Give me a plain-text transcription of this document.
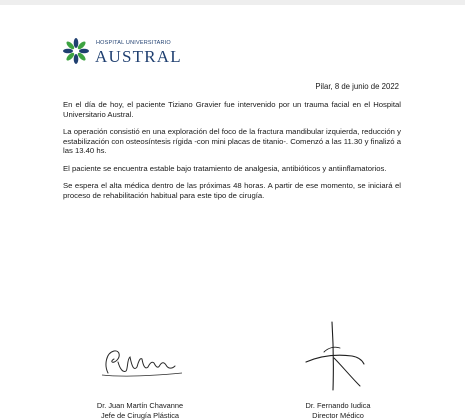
HOSPITAL UNIVERSITARIO
AUSTRAL
Pilar, 8 de junio de 2022

En el día de hoy, el paciente Tiziano Gravier fue intervenido por un trauma facial en el Hospital Universitario Austral.

La operación consistió en una exploración del foco de la fractura mandibular izquierda, reducción y estabilización con osteosíntesis rígida -con mini placas de titanio-. Comenzó a las 11.30 y finalizó a las 13.40 hs.

El paciente se encuentra estable bajo tratamiento de analgesia, antibióticos y antiinflamatorios.

Se espera el alta médica dentro de las próximas 48 horas. A partir de ese momento, se iniciará el proceso de rehabilitación habitual para este tipo de cirugía.

Dr. Juan Martín Chavanne
Jefe de Cirugía Plástica
Dr. Fernando Iudica
Director Médico
